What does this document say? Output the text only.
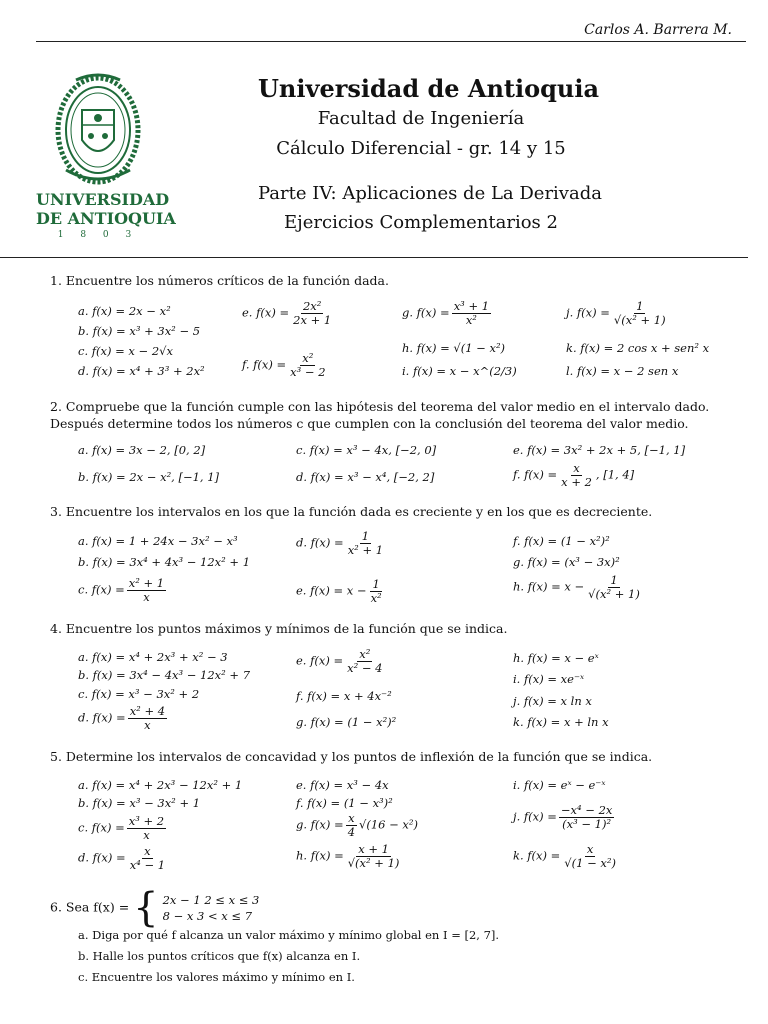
Carlos A. Barrera M.
UNIVERSIDAD
DE ANTIOQUIA
1 8 0 3
Universidad de Antioquia
Facultad de Ingeniería
Cálculo Diferencial - gr. 14 y 15
Parte IV: Aplicaciones de La Derivada
Ejercicios Complementarios 2
1. Encuentre los números críticos de la función dada.
a. f(x) = 2x − x²
b. f(x) = x³ + 3x² − 5
c. f(x) = x − 2√x
d. f(x) = x⁴ + 3³ + 2x²
e. $f(x) = \frac{\text{2x²}}{2x + 1}$
f. $f(x) = \frac{\text{x²}}{\text{x³ − 2}}$
g. $f(x) = \frac{\text{x³ + 1}}{\text{x²}}$
h. f(x) = √(1 − x²)
i. f(x) = x − x^(2/3)
j. $f(x) = \frac{1}{\text{√(x² + 1)}}$
k. f(x) = 2 cos x + sen² x
l. f(x) = x − 2 sen x
2. Compruebe que la función cumple con las hipótesis del teorema del valor medio en el intervalo dado. Después determine todos los números c que cumplen con la conclusión del teorema del valor medio.
a. f(x) = 3x − 2, [0, 2]
b. f(x) = 2x − x², [−1, 1]
c. f(x) = x³ − 4x, [−2, 0]
d. f(x) = x³ − x⁴, [−2, 2]
e. f(x) = 3x² + 2x + 5, [−1, 1]
f. $f(x) = \frac{x}{x + 2}$ , [1, 4]
3. Encuentre los intervalos en los que la función dada es creciente y en los que es decreciente.
a. f(x) = 1 + 24x − 3x² − x³
b. f(x) = 3x⁴ + 4x³ − 12x² + 1
c. $f(x) = \frac{\text{x² + 1}}{x}$
d. $f(x) = \frac{1}{\text{x² + 1}}$
e. $f(x) = x - \frac{1}{\text{x²}}$
f. f(x) = (1 − x²)²
g. f(x) = (x³ − 3x)²
h. $f(x) = x - \frac{1}{\text{√(x² + 1)}}$
4. Encuentre los puntos máximos y mínimos de la función que se indica.
a. f(x) = x⁴ + 2x³ + x² − 3
b. f(x) = 3x⁴ − 4x³ − 12x² + 7
c. f(x) = x³ − 3x² + 2
d. $f(x) = \frac{\text{x² + 4}}{x}$
e. $f(x) = \frac{\text{x²}}{\text{x² − 4}}$
f. f(x) = x + 4x⁻²
g. f(x) = (1 − x²)²
h. f(x) = x − eˣ
i. f(x) = xe⁻ˣ
j. f(x) = x ln x
k. f(x) = x + ln x
5. Determine los intervalos de concavidad y los puntos de inflexión de la función que se indica.
a. f(x) = x⁴ + 2x³ − 12x² + 1
b. f(x) = x³ − 3x² + 1
c. $f(x) = \frac{\text{x³ + 2}}{x}$
d. $f(x) = \frac{x}{\text{x⁴ − 1}}$
e. f(x) = x³ − 4x
f. f(x) = (1 − x³)²
g. $f(x) = \frac{x}{4} √(16 - x^2)$
h. $f(x) = \frac{x + 1}{\text{√(x² + 1)}}$
i. f(x) = eˣ − e⁻ˣ
j. $f(x) = \frac{\text{−x⁴ − 2x}}{\text{(x³ − 1)²}}$
k. $f(x) = \frac{x}{\text{√(1 − x²)}}$
6. Sea f(x) = { 2x − 1 2 ≤ x ≤ 3
8 − x 3 < x ≤ 7
a. Diga por qué f alcanza un valor máximo y mínimo global en I = [2, 7].
b. Halle los puntos críticos que f(x) alcanza en I.
c. Encuentre los valores máximo y mínimo en I.
